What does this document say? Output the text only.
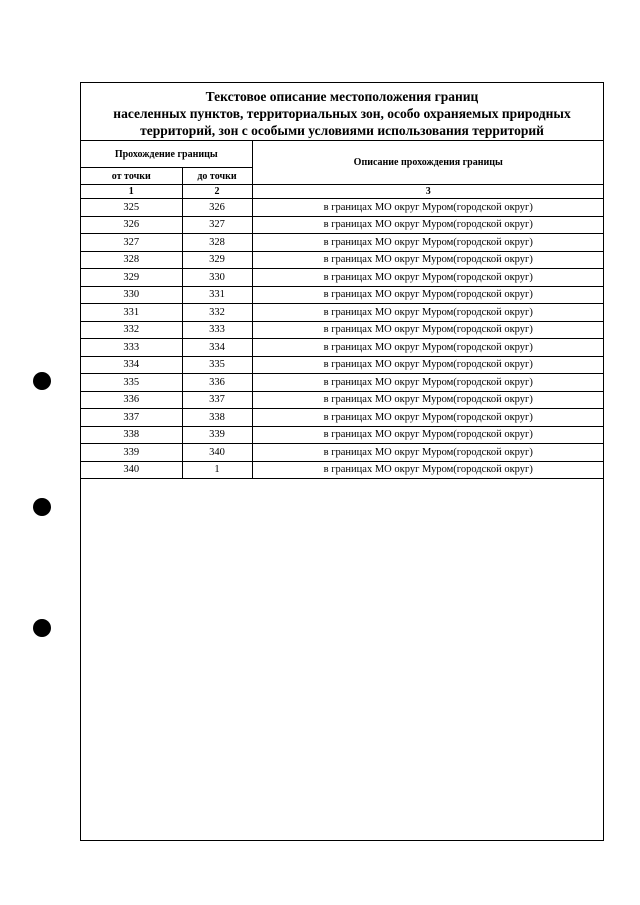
Текстовое описание местоположения границ
населенных пунктов, территориальных зон, особо охраняемых природных
территорий, зон с особыми условиями использования территорий
Прохождение границы		Описание прохождения границы
от точки	до точки	
1	2	3
325	326	в границах МО округ Муром(городской округ)
326	327	в границах МО округ Муром(городской округ)
327	328	в границах МО округ Муром(городской округ)
328	329	в границах МО округ Муром(городской округ)
329	330	в границах МО округ Муром(городской округ)
330	331	в границах МО округ Муром(городской округ)
331	332	в границах МО округ Муром(городской округ)
332	333	в границах МО округ Муром(городской округ)
333	334	в границах МО округ Муром(городской округ)
334	335	в границах МО округ Муром(городской округ)
335	336	в границах МО округ Муром(городской округ)
336	337	в границах МО округ Муром(городской округ)
337	338	в границах МО округ Муром(городской округ)
338	339	в границах МО округ Муром(городской округ)
339	340	в границах МО округ Муром(городской округ)
340	1	в границах МО округ Муром(городской округ)
